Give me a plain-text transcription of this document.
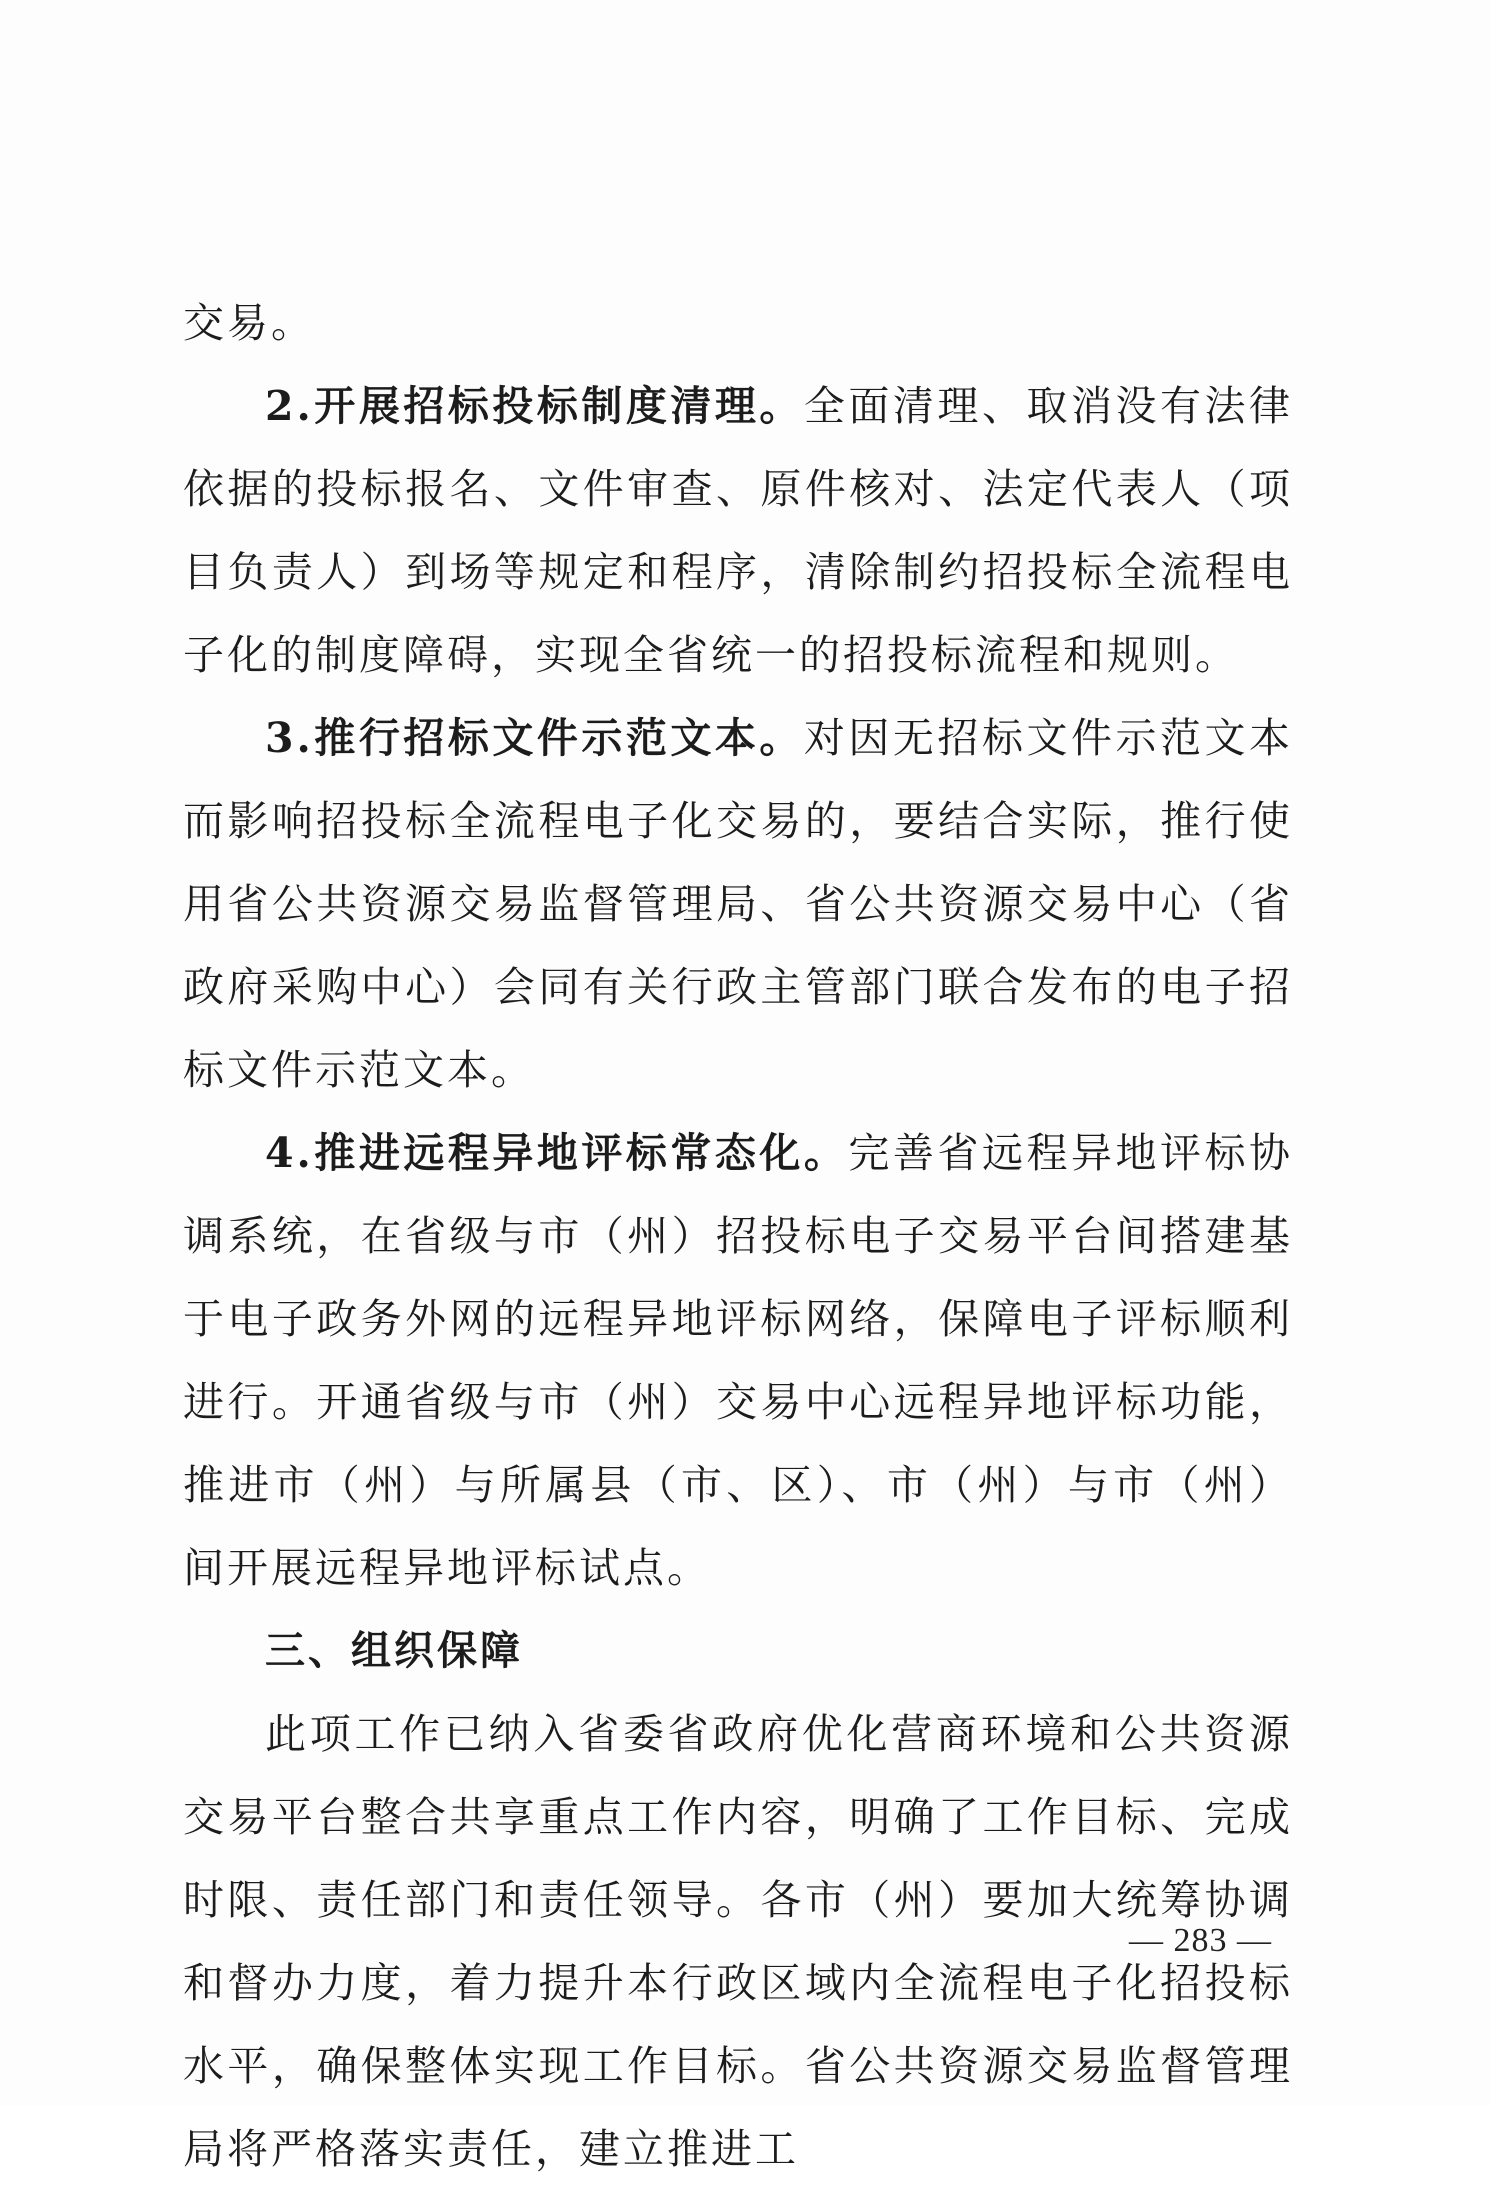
交易。

2.开展招标投标制度清理。全面清理、取消没有法律依据的投标报名、文件审查、原件核对、法定代表人（项目负责人）到场等规定和程序，清除制约招投标全流程电子化的制度障碍，实现全省统一的招投标流程和规则。

3.推行招标文件示范文本。对因无招标文件示范文本而影响招投标全流程电子化交易的，要结合实际，推行使用省公共资源交易监督管理局、省公共资源交易中心（省政府采购中心）会同有关行政主管部门联合发布的电子招标文件示范文本。

4.推进远程异地评标常态化。完善省远程异地评标协调系统，在省级与市（州）招投标电子交易平台间搭建基于电子政务外网的远程异地评标网络，保障电子评标顺利进行。开通省级与市（州）交易中心远程异地评标功能，推进市（州）与所属县（市、区）、市（州）与市（州）间开展远程异地评标试点。

三、组织保障

此项工作已纳入省委省政府优化营商环境和公共资源交易平台整合共享重点工作内容，明确了工作目标、完成时限、责任部门和责任领导。各市（州）要加大统筹协调和督办力度，着力提升本行政区域内全流程电子化招投标水平，确保整体实现工作目标。省公共资源交易监督管理局将严格落实责任，建立推进工

— 283 —
